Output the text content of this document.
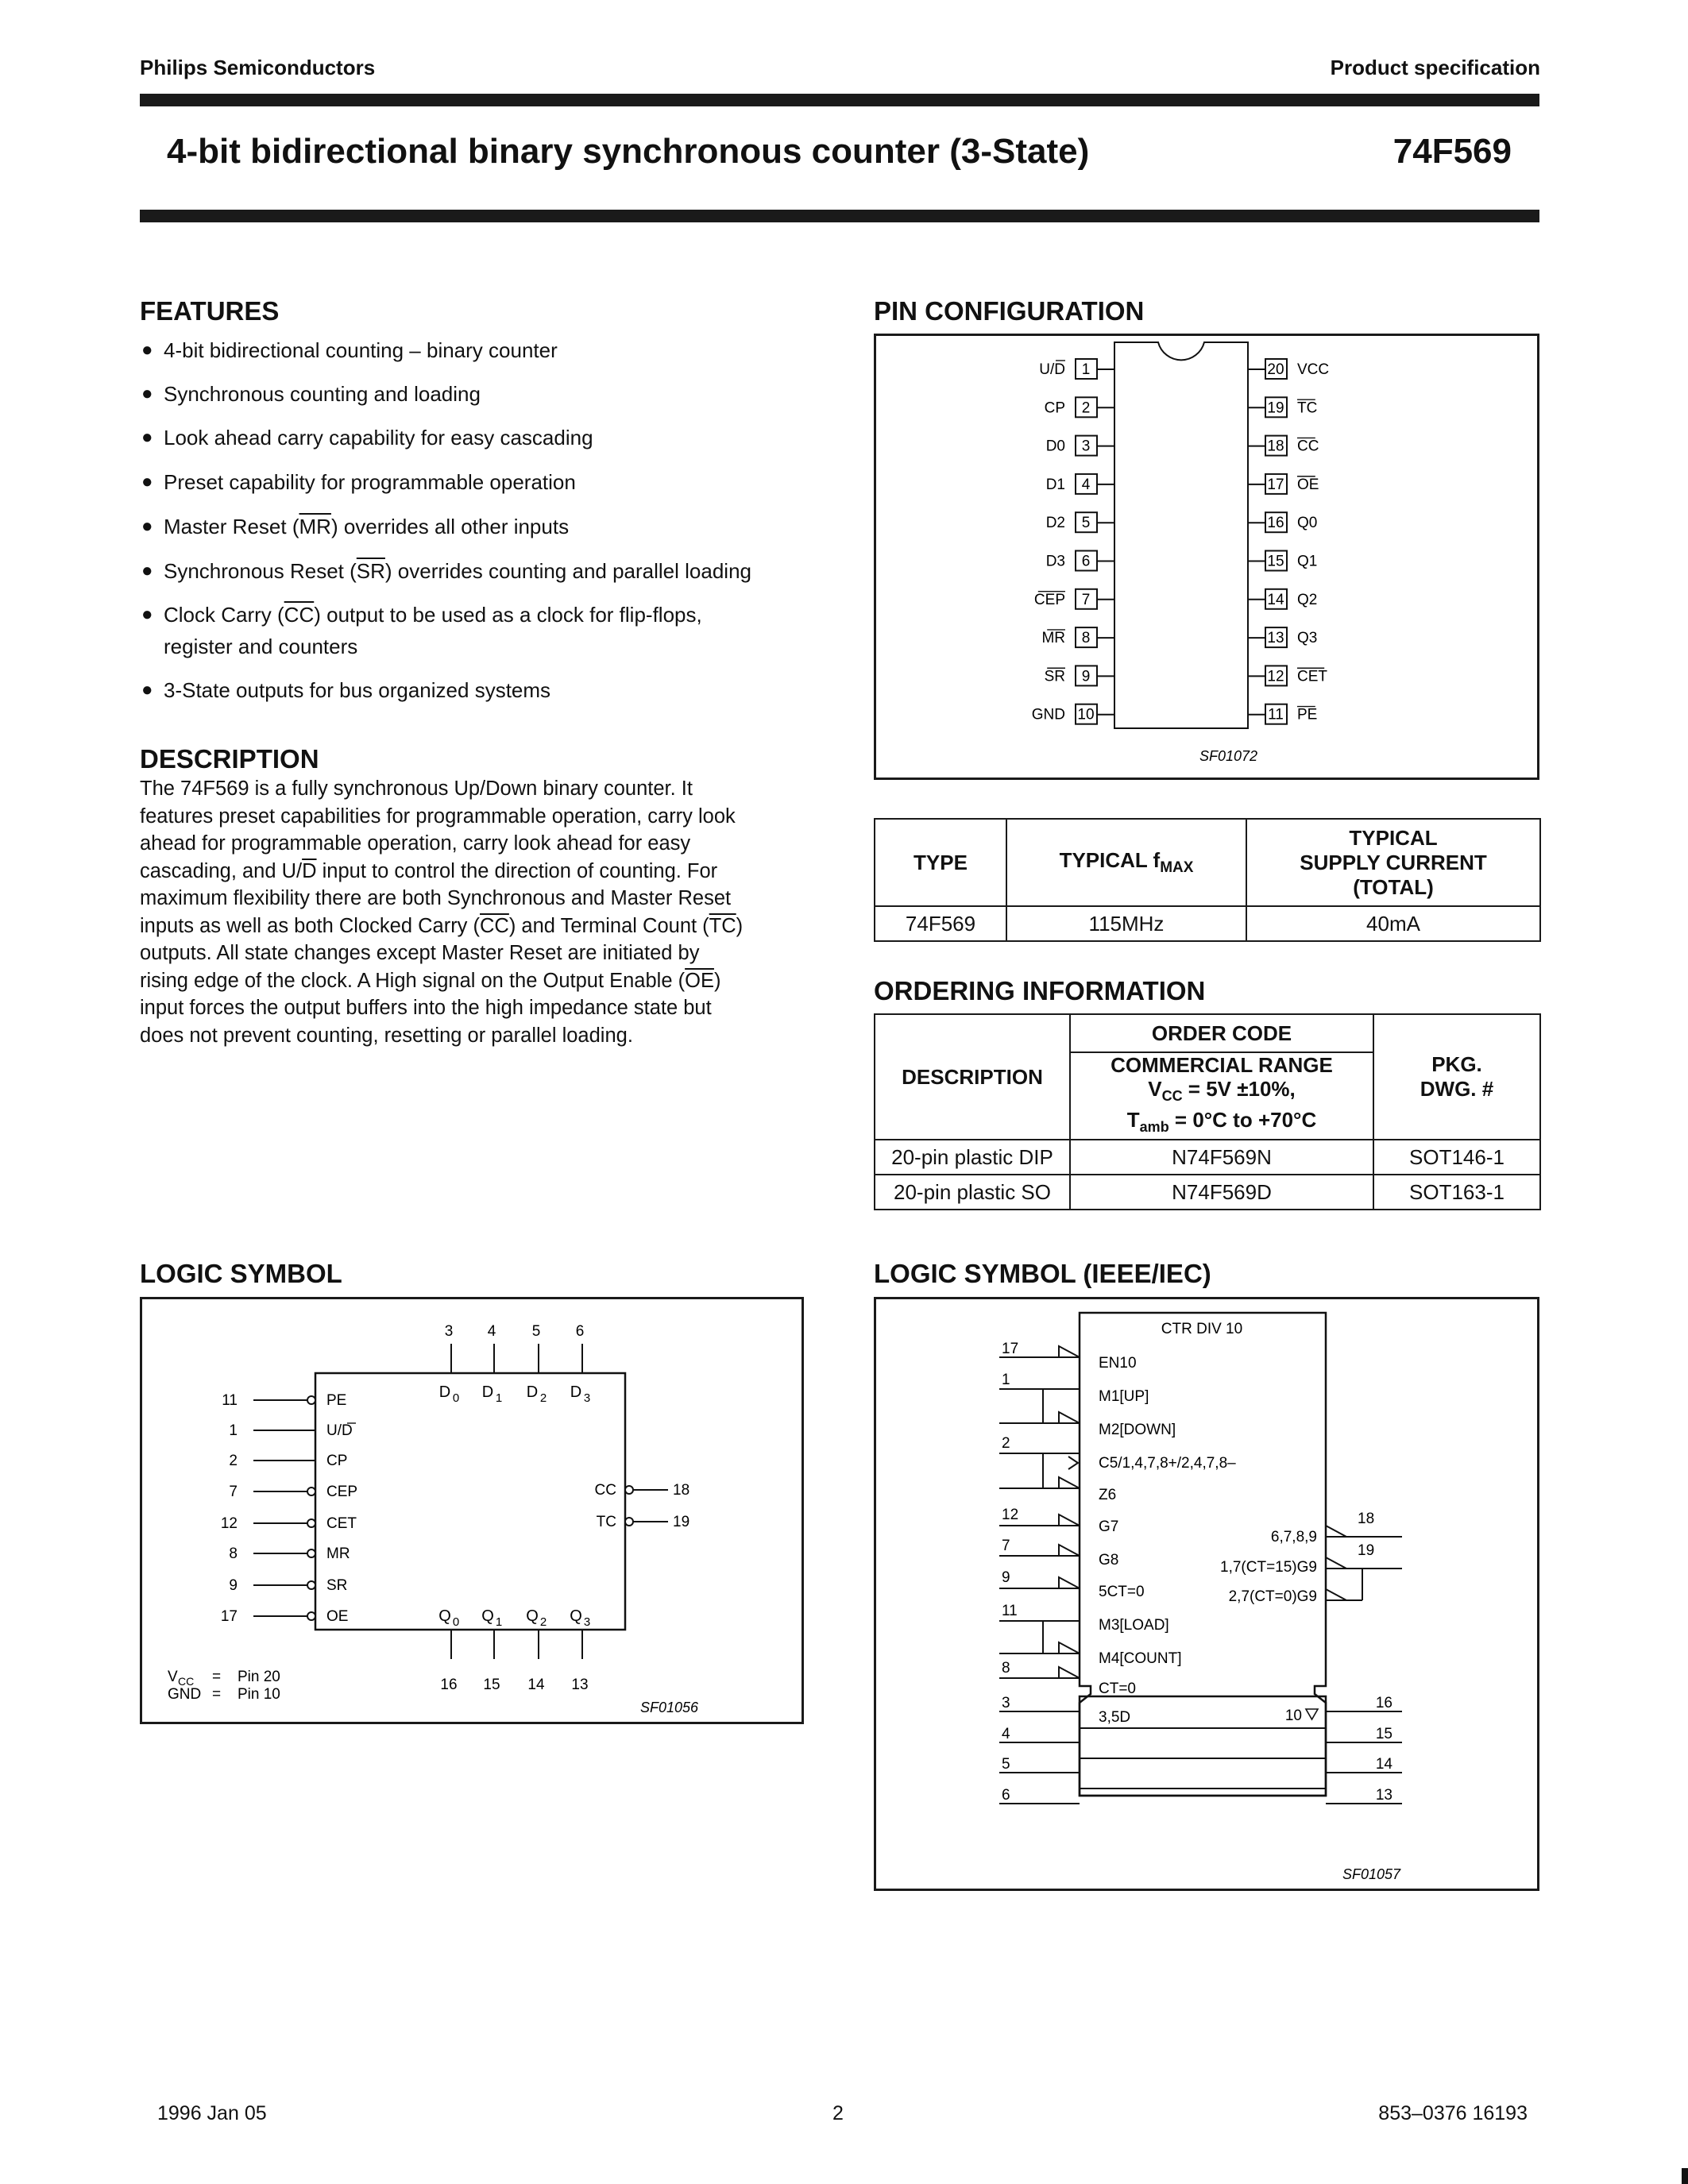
Philips Semiconductors	Product specification
4-bit bidirectional binary synchronous counter (3-State)	74F569
FEATURES
● 4-bit bidirectional counting – binary counter
● Synchronous counting and loading
● Look ahead carry capability for easy cascading
● Preset capability for programmable operation
● Master Reset $(\overline{MR})$ overrides all other inputs
● Synchronous Reset $(\overline{SR})$ overrides counting and parallel loading
● Clock Carry $(\overline{CC})$ output to be used as a clock for flip-flops,
register and counters
● 3-State outputs for bus organized systems
DESCRIPTION
The 74F569 is a fully synchronous Up/Down binary counter. It
features preset capabilities for programmable operation, carry look
ahead for programmable operation, carry look ahead for easy
cascading, and $U/\overline{D}$ input to control the direction of counting. For
maximum flexibility there are both Synchronous and Master Reset
inputs as well as both Clocked Carry $(\overline{CC})$ and Terminal Count $(\overline{TC})$
outputs. All state changes except Master Reset are initiated by
rising edge of the clock. A High signal on the Output Enable $(\overline{OE})$
input forces the output buffers into the high impedance state but
does not prevent counting, resetting or parallel loading.
PIN CONFIGURATION
1
U/D
2
CP
3
D0
4
D1
5
D2
6
D3
7
CEP
8
MR
9
SR
10
GND
20 VCC
19 TC
18 CC
17 OE
16 Q0
15 Q1
14 Q2
13 Q3
12 CET
11 PE
SF01072
TYPE	TYPICAL $f_{MAX}$	TYPICAL
SUPPLY CURRENT
(TOTAL)

74F569	115MHz	40mA
ORDERING INFORMATION
DESCRIPTION	ORDER CODE	PKG.
DWG. #

	COMMERCIAL RANGE
$V_{CC} = 5V \pm 10\%$,
$T_{amb} = 0^\circ C$ to +70°C	

20-pin plastic DIP	N74F569N	SOT146-1
20-pin plastic SO	N74F569D	SOT163-1
LOGIC SYMBOL
3
D 0
4
D 1
5
D 2
6
D 3
16
Q 0
15
Q 1
14
Q 2
13
Q 3
11	PE
1	U/D
2	CP
7	CEP
12	CET
8	MR
9	SR
17	OE
CC	18
TC	19
V CC = Pin 20
GND = Pin 10
SF01056
LOGIC SYMBOL (IEEE/IEC)
CTR DIV 10
17
EN10
1
M1[UP]
M2[DOWN]
2
C5/1,4,7,8+/2,4,7,8–
Z6
12
G7
7
G8
9
5CT=0
11
M3[LOAD]
M4[COUNT]
8
CT=0
6,7,8,9
1,7(CT=15)G9
2,7(CT=0)G9
18
19
3,5D	10
3
4
5
6
16
15
14
13
SF01057
1996 Jan 05	2	853–0376 16193
